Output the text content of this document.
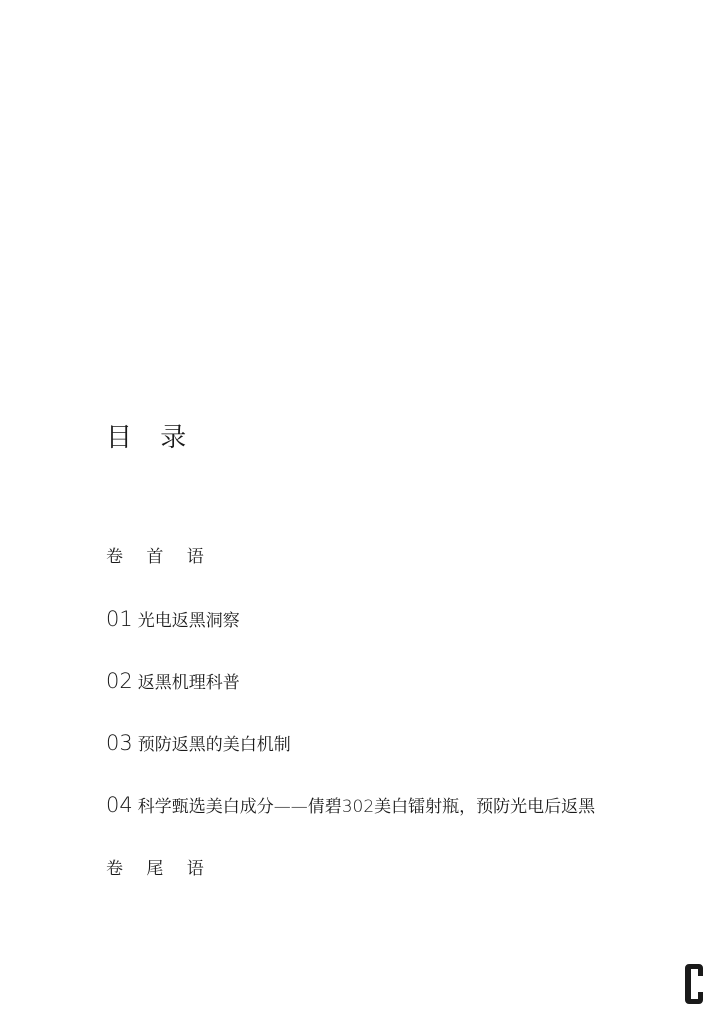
目 录
卷 首 语
01 光电返黑洞察
02 返黑机理科普
03 预防返黑的美白机制
04 科学甄选美白成分——倩碧302美白镭射瓶，预防光电后返黑
卷 尾 语
